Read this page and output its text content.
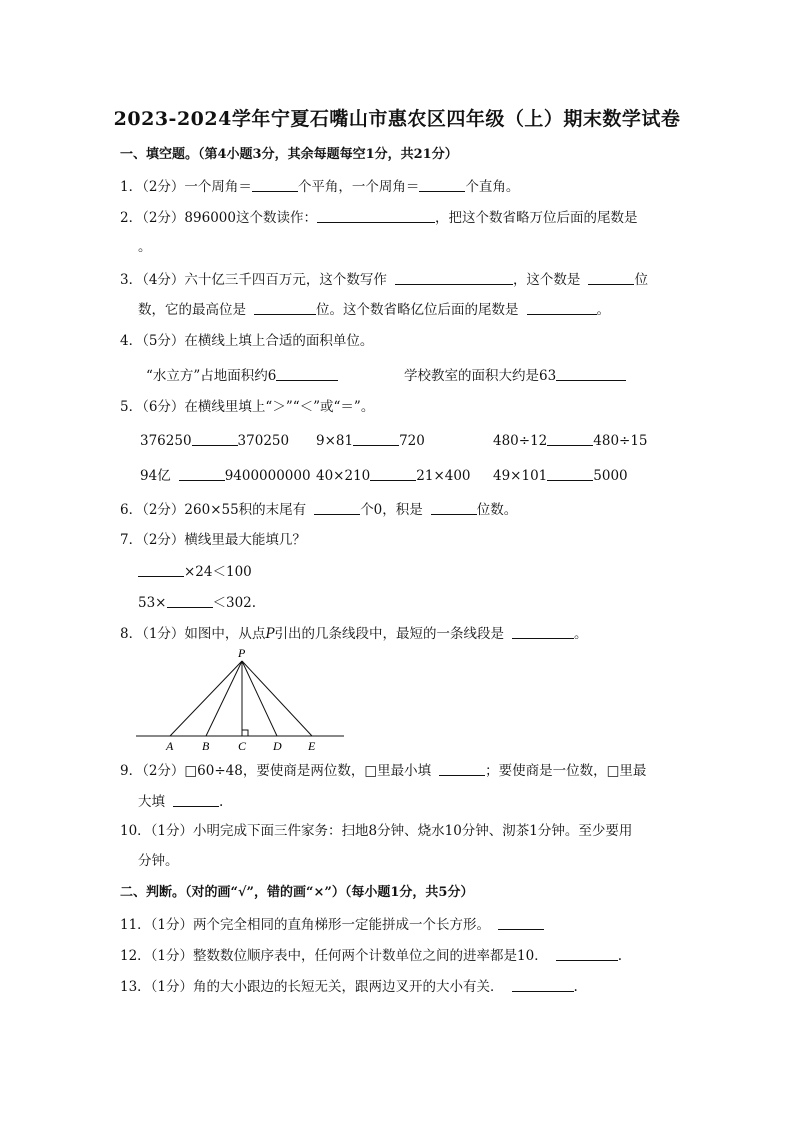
2023-2024学年宁夏石嘴山市惠农区四年级（上）期末数学试卷
一、填空题。（第4小题3分，其余每题每空1分，共21分）
1．（2分）一个周角＝	个平角，一个周角＝	个直角。
2．（2分）896000这个数读作：	，把这个数省略万位后面的尾数是
。
3．（4分）六十亿三千四百万元，这个数写作	，这个数是	位
数，它的最高位是	位。这个数省略亿位后面的尾数是	。
4．（5分）在横线上填上合适的面积单位。
“水立方”占地面积约6	学校教室的面积大约是63
5．（6分）在横线里填上“＞”“＜”或“＝”。
376250	370250 9×81	720	480÷12	480÷15
94亿	9400000000 40×210	21×400 49×101	5000
6．（2分）260×55积的末尾有	个0，积是	位数。
7．（2分）横线里最大能填几？
×24＜100
53×	＜302.
8．（1分）如图中，从点P引出的几条线段中，最短的一条线段是	。
P
A B C D E
9．（2分）□60÷48，要使商是两位数，□里最小填	；要使商是一位数，□里最
大填	.
10．（1分）小明完成下面三件家务：扫地8分钟、烧水10分钟、沏茶1分钟。至少要用
分钟。
二、判断。（对的画“√”，错的画“×”）（每小题1分，共5分）
11．（1分）两个完全相同的直角梯形一定能拼成一个长方形。
12．（1分）整数数位顺序表中，任何两个计数单位之间的进率都是10．	.
13．（1分）角的大小跟边的长短无关，跟两边叉开的大小有关．	.
